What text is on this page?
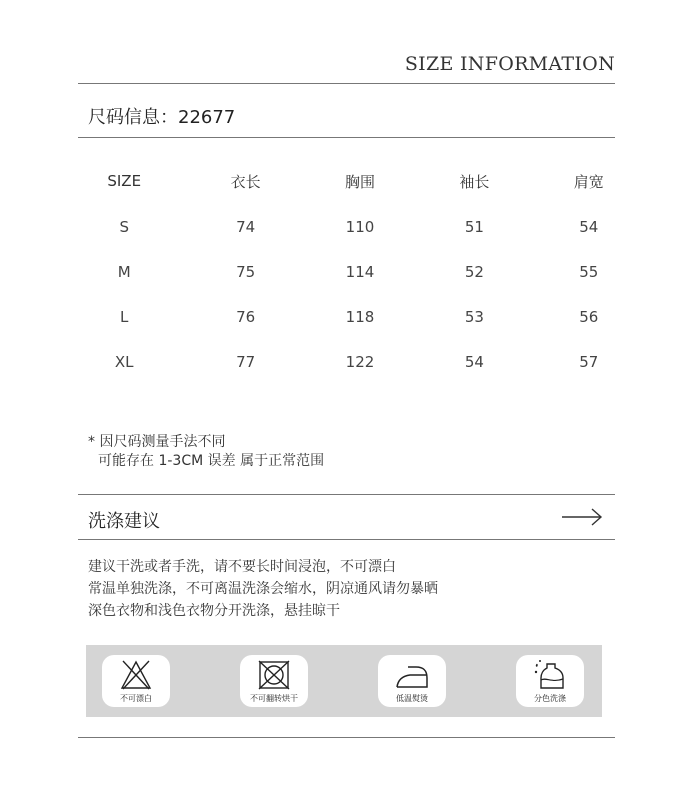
SIZE INFORMATION
尺码信息：22677
SIZE	衣长	胸围	袖长	肩宽
S	74	110	51	54
M	75	114	52	55
L	76	118	53	56
XL	77	122	54	57
* 因尺码测量手法不同
可能存在 1-3CM 误差 属于正常范围
洗涤建议
建议干洗或者手洗，请不要长时间浸泡，不可漂白
常温单独洗涤，不可离温洗涤会缩水，阴凉通风请勿暴晒
深色衣物和浅色衣物分开洗涤，悬挂晾干
不可漂白	不可翻转烘干	低温熨烫	分色洗涤
